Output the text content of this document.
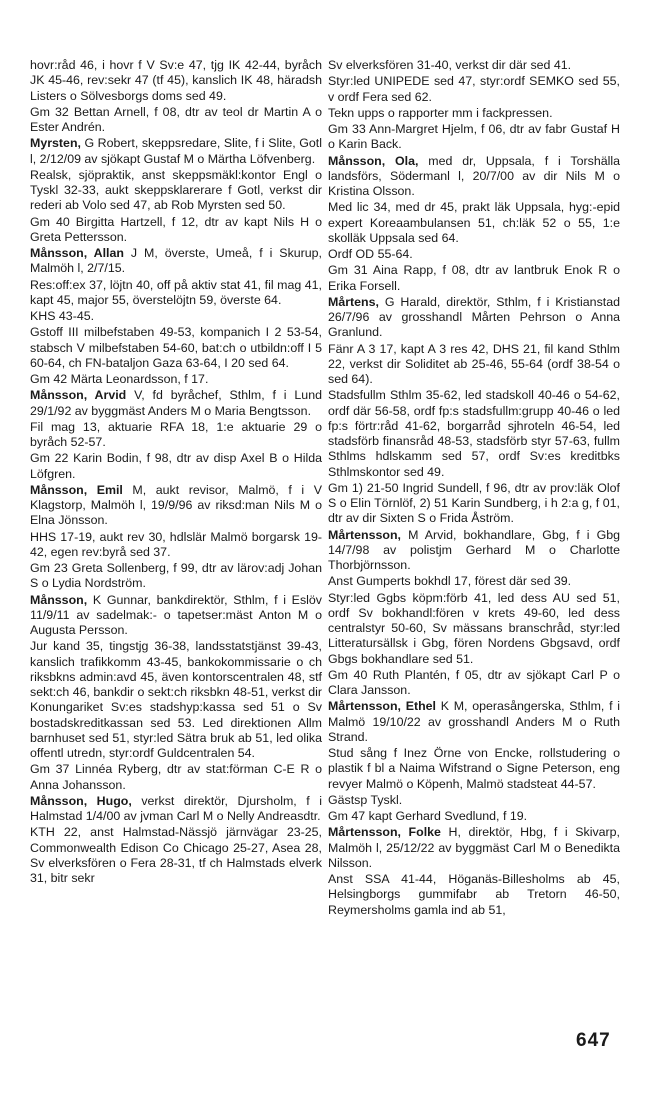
hovr:råd 46, i hovr f V Sv:e 47, tjg IK 42-44, byråch JK 45-46, rev:sekr 47 (tf 45), kanslich IK 48, häradsh Listers o Sölvesborgs doms sed 49.

Gm 32 Bettan Arnell, f 08, dtr av teol dr Martin A o Ester Andrén.

Myrsten, G Robert, skeppsredare, Slite, f i Slite, Gotl l, 2/12/09 av sjökapt Gustaf M o Märtha Löfvenberg.

Realsk, sjöpraktik, anst skeppsmäkl:kontor Engl o Tyskl 32-33, aukt skeppsklarerare f Gotl, verkst dir rederi ab Volo sed 47, ab Rob Myrsten sed 50.

Gm 40 Birgitta Hartzell, f 12, dtr av kapt Nils H o Greta Pettersson.

Månsson, Allan J M, överste, Umeå, f i Skurup, Malmöh l, 2/7/15.

Res:off:ex 37, löjtn 40, off på aktiv stat 41, fil mag 41, kapt 45, major 55, överstelöjtn 59, överste 64.

KHS 43-45.

Gstoff III milbefstaben 49-53, kompanich I 2 53-54, stabsch V milbefstaben 54-60, bat:ch o utbildn:off I 5 60-64, ch FN-bataljon Gaza 63-64, I 20 sed 64.

Gm 42 Märta Leonardsson, f 17.

Månsson, Arvid V, fd byråchef, Sthlm, f i Lund 29/1/92 av byggmäst Anders M o Maria Bengtsson.

Fil mag 13, aktuarie RFA 18, 1:e aktuarie 29 o byråch 52-57.

Gm 22 Karin Bodin, f 98, dtr av disp Axel B o Hilda Löfgren.

Månsson, Emil M, aukt revisor, Malmö, f i V Klagstorp, Malmöh l, 19/9/96 av riksd:man Nils M o Elna Jönsson.

HHS 17-19, aukt rev 30, hdlslär Malmö borgarsk 19-42, egen rev:byrå sed 37.

Gm 23 Greta Sollenberg, f 99, dtr av lärov:adj Johan S o Lydia Nordström.

Månsson, K Gunnar, bankdirektör, Sthlm, f i Eslöv 11/9/11 av sadelmak:- o tapetser:mäst Anton M o Augusta Persson.

Jur kand 35, tingstjg 36-38, landsstatstjänst 39-43, kanslich trafikkomm 43-45, bankokommissarie o ch riksbkns admin:avd 45, även kontorscentralen 48, stf sekt:ch 46, bankdir o sekt:ch riksbkn 48-51, verkst dir Konungariket Sv:es stadshyp:kassa sed 51 o Sv bostadskreditkassan sed 53. Led direktionen Allm barnhuset sed 51, styr:led Sätra bruk ab 51, led olika offentl utredn, styr:ordf Guldcentralen 54.

Gm 37 Linnéa Ryberg, dtr av stat:förman C-E R o Anna Johansson.

Månsson, Hugo, verkst direktör, Djursholm, f i Halmstad 1/4/00 av jvman Carl M o Nelly Andreasdtr.

KTH 22, anst Halmstad-Nässjö järnvägar 23-25, Commonwealth Edison Co Chicago 25-27, Asea 28, Sv elverksfören o Fera 28-31, tf ch Halmstads elverk 31, bitr sekr

Sv elverksfören 31-40, verkst dir där sed 41.

Styr:led UNIPEDE sed 47, styr:ordf SEMKO sed 55, v ordf Fera sed 62.

Tekn upps o rapporter mm i fackpressen.

Gm 33 Ann-Margret Hjelm, f 06, dtr av fabr Gustaf H o Karin Back.

Månsson, Ola, med dr, Uppsala, f i Torshälla landsförs, Södermanl l, 20/7/00 av dir Nils M o Kristina Olsson.

Med lic 34, med dr 45, prakt läk Uppsala, hyg:-epid expert Koreaambulansen 51, ch:läk 52 o 55, 1:e skolläk Uppsala sed 64.

Ordf OD 55-64.

Gm 31 Aina Rapp, f 08, dtr av lantbruk Enok R o Erika Forsell.

Mårtens, G Harald, direktör, Sthlm, f i Kristianstad 26/7/96 av grosshandl Mårten Pehrson o Anna Granlund.

Fänr A 3 17, kapt A 3 res 42, DHS 21, fil kand Sthlm 22, verkst dir Soliditet ab 25-46, 55-64 (ordf 38-54 o sed 64).

Stadsfullm Sthlm 35-62, led stadskoll 40-46 o 54-62, ordf där 56-58, ordf fp:s stadsfullm:grupp 40-46 o led fp:s förtr:råd 41-62, borgarråd sjhroteln 46-54, led stadsförb finansråd 48-53, stadsförb styr 57-63, fullm Sthlms hdlskamm sed 57, ordf Sv:es kreditbks Sthlmskontor sed 49.

Gm 1) 21-50 Ingrid Sundell, f 96, dtr av prov:läk Olof S o Elin Törnlöf, 2) 51 Karin Sundberg, i h 2:a g, f 01, dtr av dir Sixten S o Frida Åström.

Mårtensson, M Arvid, bokhandlare, Gbg, f i Gbg 14/7/98 av polistjm Gerhard M o Charlotte Thorbjörnsson.

Anst Gumperts bokhdl 17, förest där sed 39.

Styr:led Ggbs köpm:förb 41, led dess AU sed 51, ordf Sv bokhandl:fören v krets 49-60, led dess centralstyr 50-60, Sv mässans branschråd, styr:led Litteratursällsk i Gbg, fören Nordens Gbgsavd, ordf Gbgs bokhandlare sed 51.

Gm 40 Ruth Plantén, f 05, dtr av sjökapt Carl P o Clara Jansson.

Mårtensson, Ethel K M, operasångerska, Sthlm, f i Malmö 19/10/22 av grosshandl Anders M o Ruth Strand.

Stud sång f Inez Örne von Encke, rollstudering o plastik f bl a Naima Wifstrand o Signe Peterson, eng revyer Malmö o Köpenh, Malmö stadsteat 44-57.

Gästsp Tyskl.

Gm 47 kapt Gerhard Svedlund, f 19.

Mårtensson, Folke H, direktör, Hbg, f i Skivarp, Malmöh l, 25/12/22 av byggmäst Carl M o Benedikta Nilsson.

Anst SSA 41-44, Höganäs-Billesholms ab 45, Helsingborgs gummifabr ab Tretorn 46-50, Reymersholms gamla ind ab 51,

647
